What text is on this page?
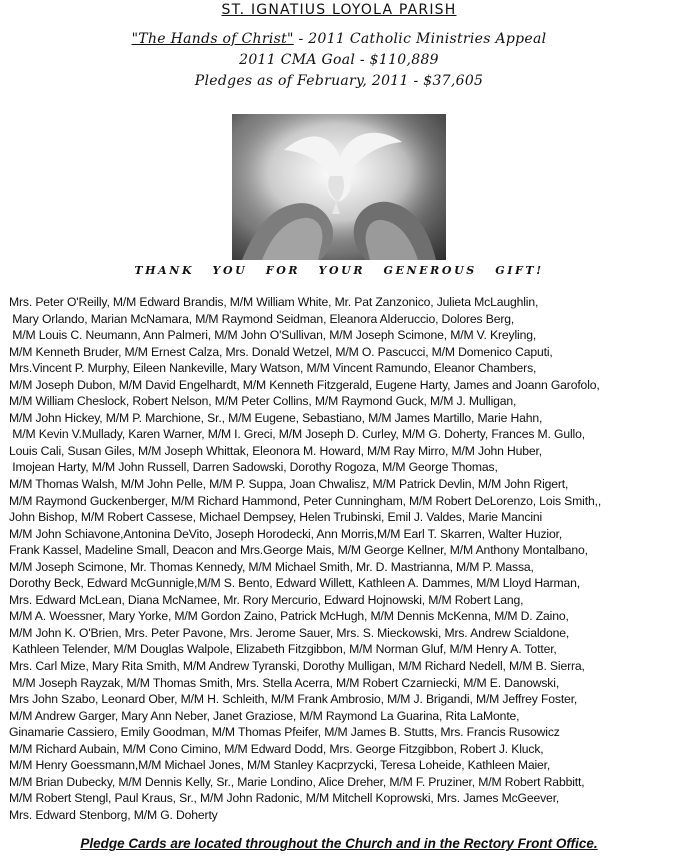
ST. IGNATIUS LOYOLA PARISH
"The Hands of Christ" - 2011 Catholic Ministries Appeal
2011 CMA Goal - $110,889
Pledges as of February, 2011 - $37,605
THANK YOU FOR YOUR GENEROUS GIFT!
Mrs. Peter O'Reilly, M/M Edward Brandis, M/M William White, Mr. Pat Zanzonico, Julieta McLaughlin,
Mary Orlando, Marian McNamara, M/M Raymond Seidman, Eleanora Alderuccio, Dolores Berg,
M/M Louis C. Neumann, Ann Palmeri, M/M John O'Sullivan, M/M Joseph Scimone, M/M V. Kreyling,
M/M Kenneth Bruder, M/M Ernest Calza, Mrs. Donald Wetzel, M/M O. Pascucci, M/M Domenico Caputi,
Mrs.Vincent P. Murphy, Eileen Nankeville, Mary Watson, M/M Vincent Ramundo, Eleanor Chambers,
M/M Joseph Dubon, M/M David Engelhardt, M/M Kenneth Fitzgerald, Eugene Harty, James and Joann Garofolo,
M/M William Cheslock, Robert Nelson, M/M Peter Collins, M/M Raymond Guck, M/M J. Mulligan,
M/M John Hickey, M/M P. Marchione, Sr., M/M Eugene, Sebastiano, M/M James Martillo, Marie Hahn,
M/M Kevin V.Mullady, Karen Warner, M/M I. Greci, M/M Joseph D. Curley, M/M G. Doherty, Frances M. Gullo,
Louis Cali, Susan Giles, M/M Joseph Whittak, Eleonora M. Howard, M/M Ray Mirro, M/M John Huber,
Imojean Harty, M/M John Russell, Darren Sadowski, Dorothy Rogoza, M/M George Thomas,
M/M Thomas Walsh, M/M John Pelle, M/M P. Suppa, Joan Chwalisz, M/M Patrick Devlin, M/M John Rigert,
M/M Raymond Guckenberger, M/M Richard Hammond, Peter Cunningham, M/M Robert DeLorenzo, Lois Smith,,
John Bishop, M/M Robert Cassese, Michael Dempsey, Helen Trubinski, Emil J. Valdes, Marie Mancini
M/M John Schiavone,Antonina DeVito, Joseph Horodecki, Ann Morris,M/M Earl T. Skarren, Walter Huzior,
Frank Kassel, Madeline Small, Deacon and Mrs.George Mais, M/M George Kellner, M/M Anthony Montalbano,
M/M Joseph Scimone, Mr. Thomas Kennedy, M/M Michael Smith, Mr. D. Mastrianna, M/M P. Massa,
Dorothy Beck, Edward McGunnigle,M/M S. Bento, Edward Willett, Kathleen A. Dammes, M/M Lloyd Harman,
Mrs. Edward McLean, Diana McNamee, Mr. Rory Mercurio, Edward Hojnowski, M/M Robert Lang,
M/M A. Woessner, Mary Yorke, M/M Gordon Zaino, Patrick McHugh, M/M Dennis McKenna, M/M D. Zaino,
M/M John K. O'Brien, Mrs. Peter Pavone, Mrs. Jerome Sauer, Mrs. S. Mieckowski, Mrs. Andrew Scialdone,
Kathleen Telender, M/M Douglas Walpole, Elizabeth Fitzgibbon, M/M Norman Gluf, M/M Henry A. Totter,
Mrs. Carl Mize, Mary Rita Smith, M/M Andrew Tyranski, Dorothy Mulligan, M/M Richard Nedell, M/M B. Sierra,
M/M Joseph Rayzak, M/M Thomas Smith, Mrs. Stella Acerra, M/M Robert Czarniecki, M/M E. Danowski,
Mrs John Szabo, Leonard Ober, M/M H. Schleith, M/M Frank Ambrosio, M/M J. Brigandi, M/M Jeffrey Foster,
M/M Andrew Garger, Mary Ann Neber, Janet Graziose, M/M Raymond La Guarina, Rita LaMonte,
Ginamarie Cassiero, Emily Goodman, M/M Thomas Pfeifer, M/M James B. Stutts, Mrs. Francis Rusowicz
M/M Richard Aubain, M/M Cono Cimino, M/M Edward Dodd, Mrs. George Fitzgibbon, Robert J. Kluck,
M/M Henry Goessmann,M/M Michael Jones, M/M Stanley Kacprzycki, Teresa Loheide, Kathleen Maier,
M/M Brian Dubecky, M/M Dennis Kelly, Sr., Marie Londino, Alice Dreher, M/M F. Pruziner, M/M Robert Rabbitt,
M/M Robert Stengl, Paul Kraus, Sr., M/M John Radonic, M/M Mitchell Koprowski, Mrs. James McGeever,
Mrs. Edward Stenborg, M/M G. Doherty
Pledge Cards are located throughout the Church and in the Rectory Front Office.
